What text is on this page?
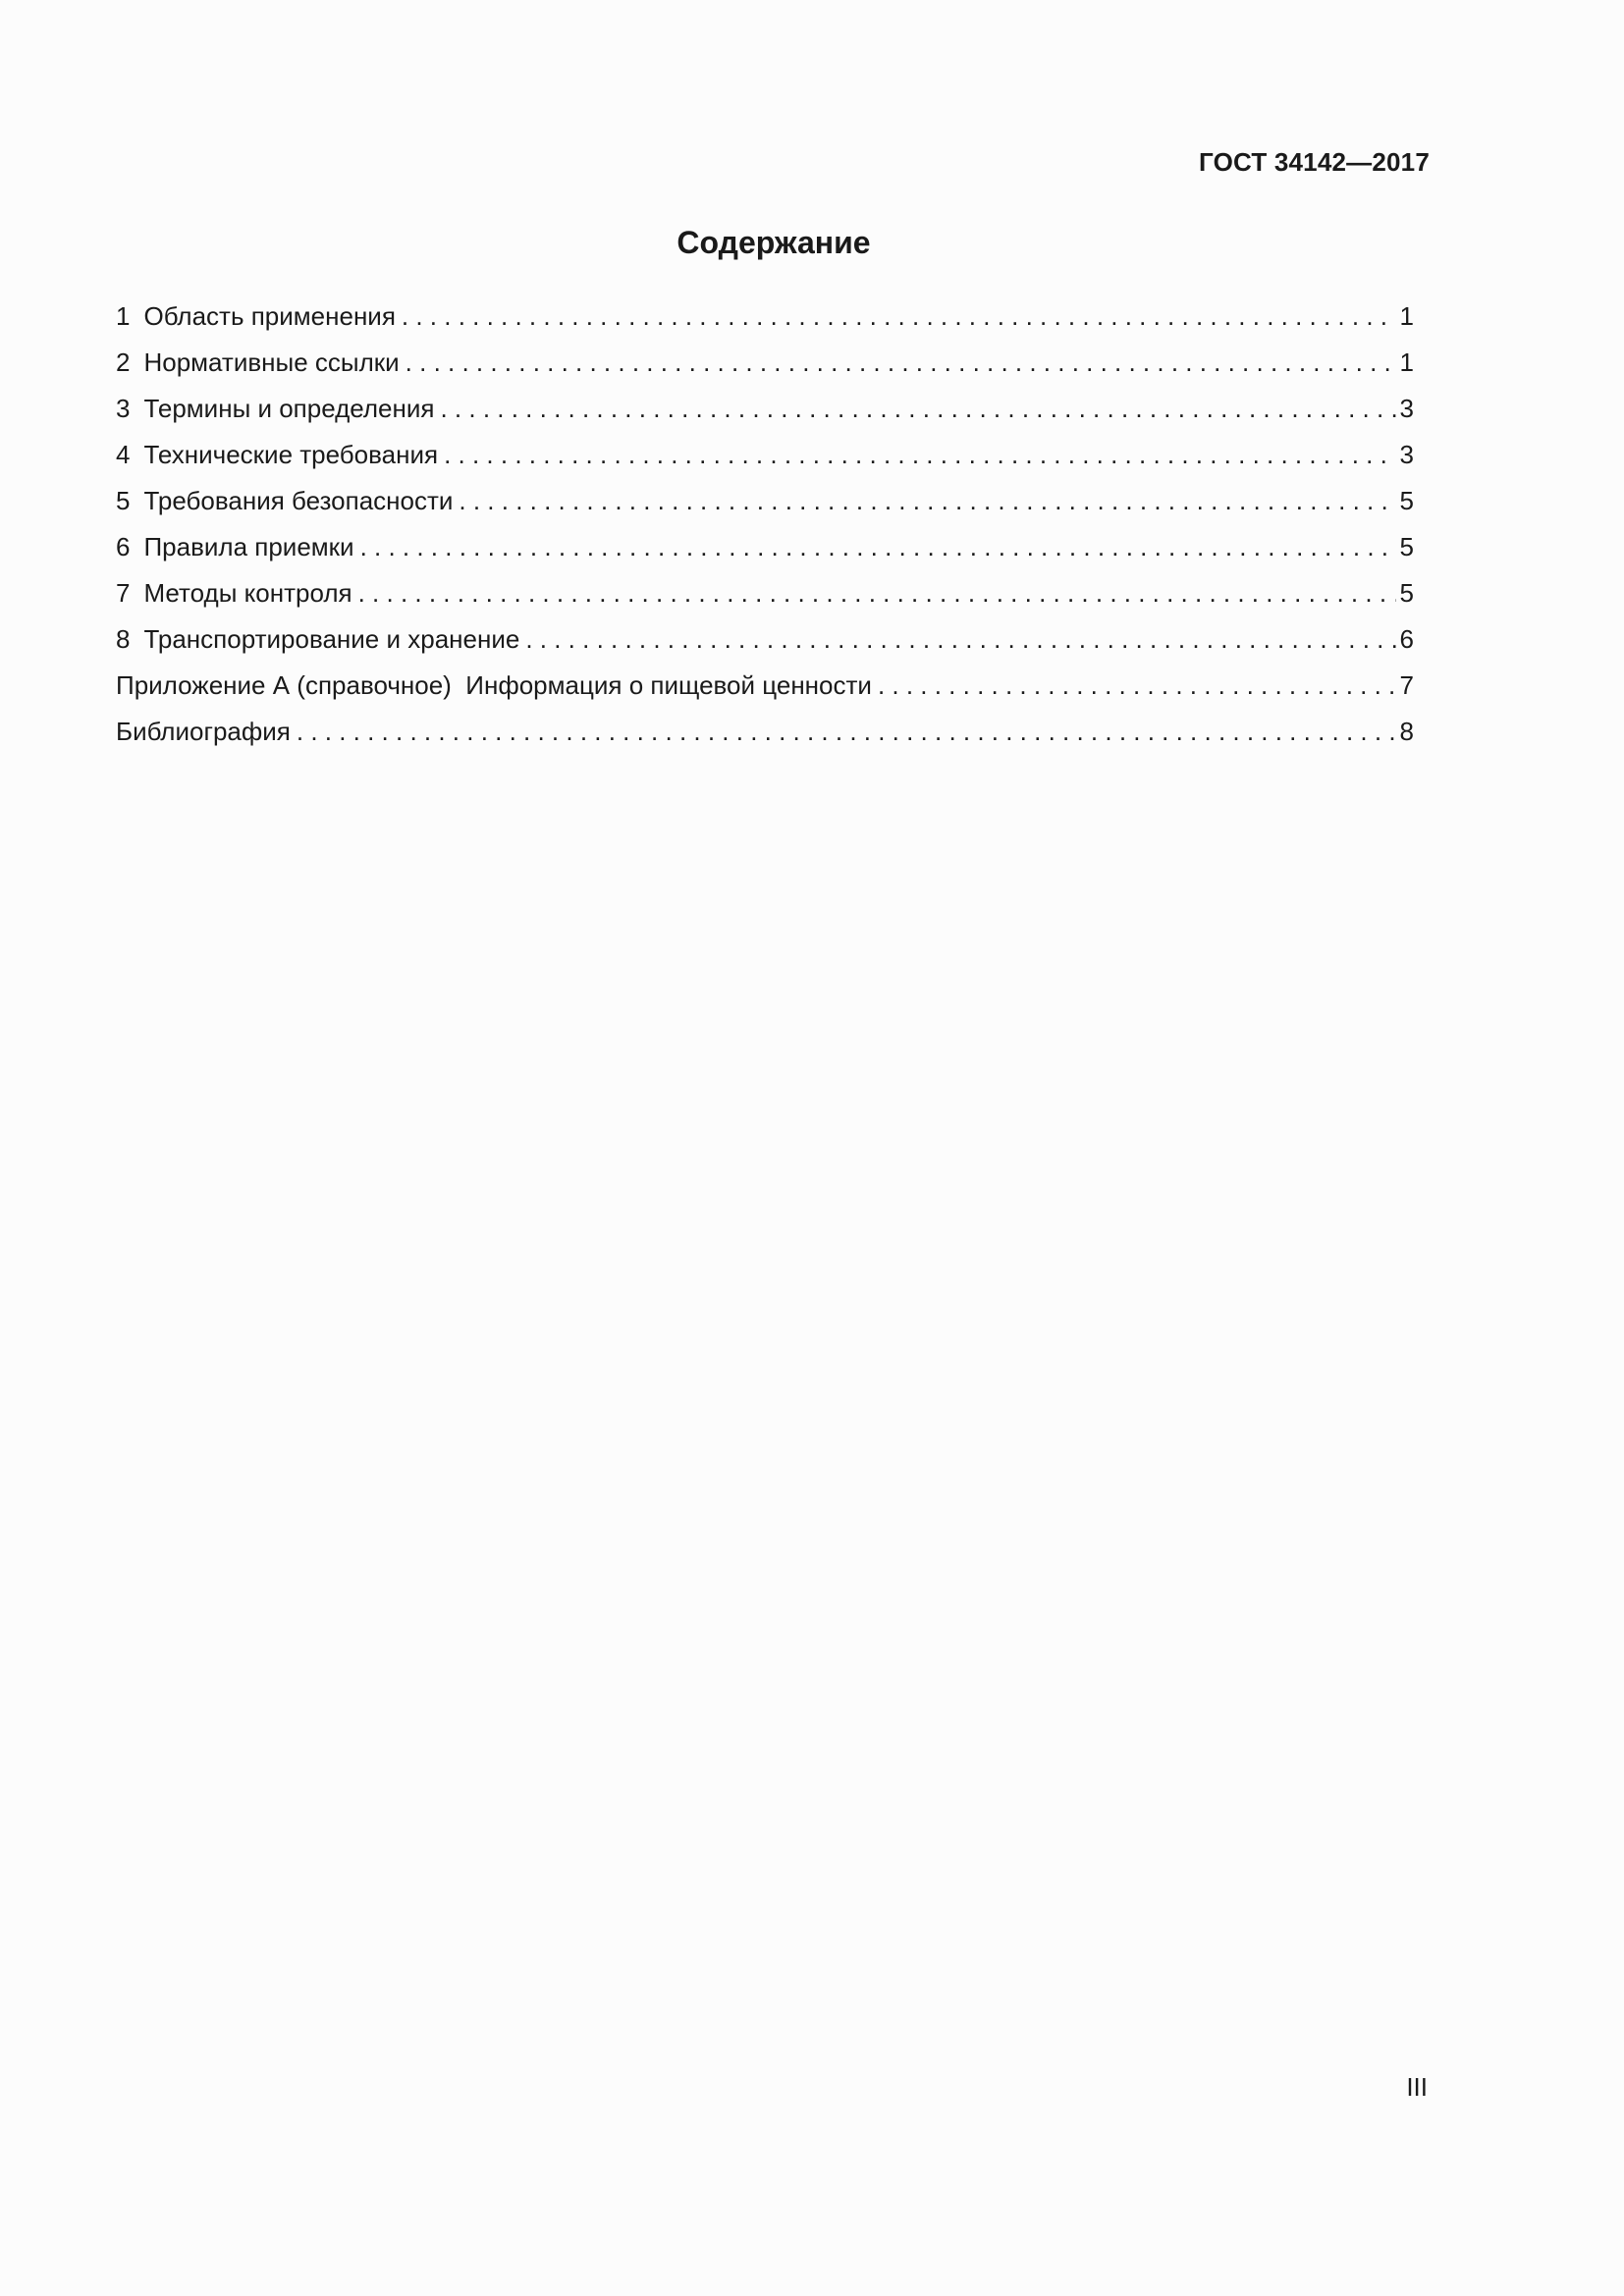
ГОСТ 34142—2017
Содержание
1 Область применения . . .	1
2 Нормативные ссылки . . .	1
3 Термины и определения . . .	3
4 Технические требования . . .	3
5 Требования безопасности . . .	5
6 Правила приемки . . .	5
7 Методы контроля . . .	5
8 Транспортирование и хранение . . .	6
Приложение А (справочное)  Информация о пищевой ценности . . .	7
Библиография . . .	8
III
